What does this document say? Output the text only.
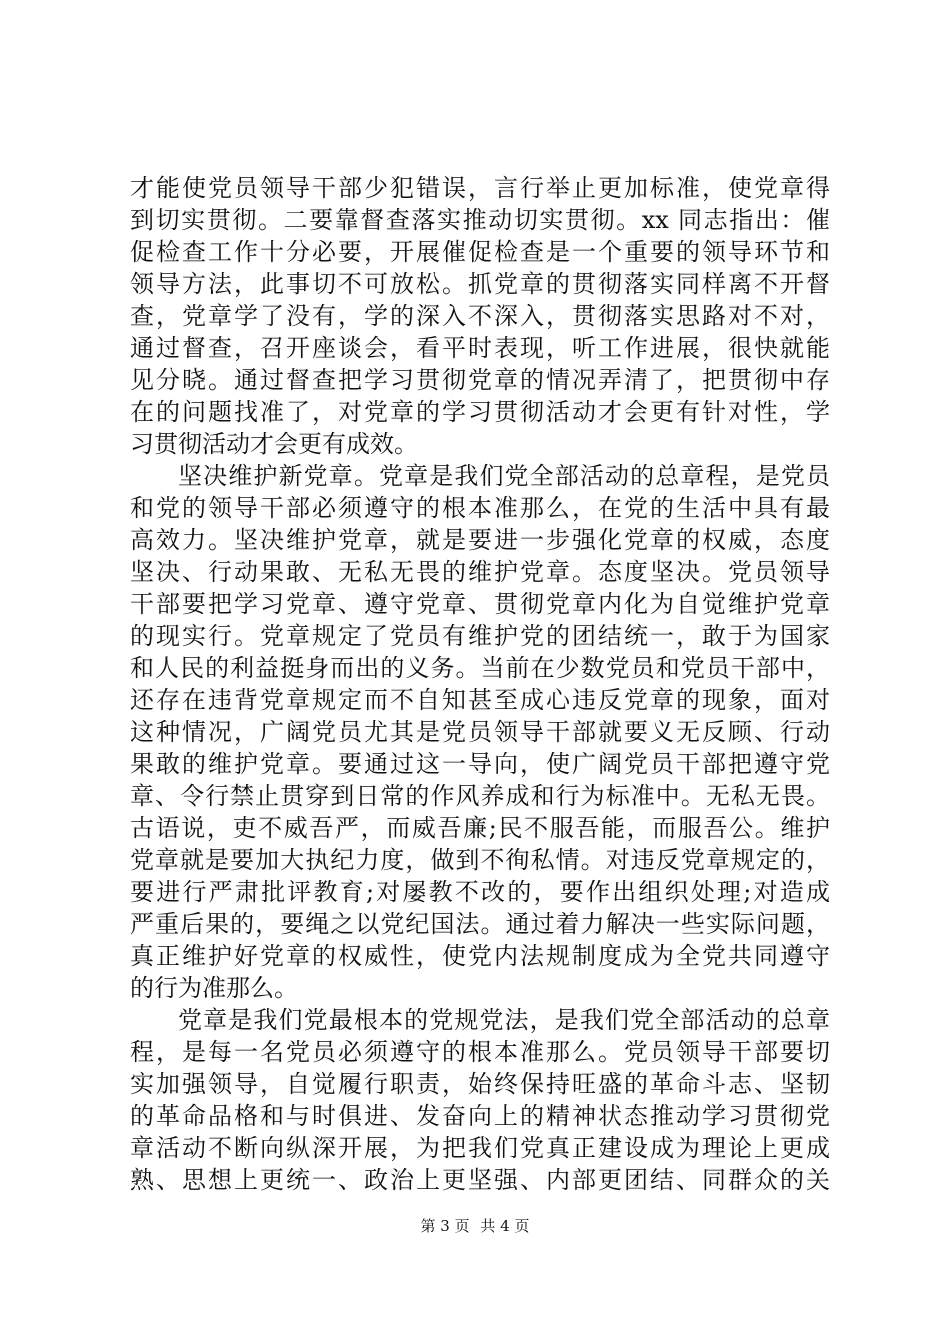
才能使党员领导干部少犯错误，言行举止更加标准，使党章得
到切实贯彻。二要靠督查落实推动切实贯彻。xx 同志指出：催
促检查工作十分必要，开展催促检查是一个重要的领导环节和
领导方法，此事切不可放松。抓党章的贯彻落实同样离不开督
查，党章学了没有，学的深入不深入，贯彻落实思路对不对，
通过督查，召开座谈会，看平时表现，听工作进展，很快就能
见分晓。通过督查把学习贯彻党章的情况弄清了，把贯彻中存
在的问题找准了，对党章的学习贯彻活动才会更有针对性，学
习贯彻活动才会更有成效。
坚决维护新党章。党章是我们党全部活动的总章程，是党员
和党的领导干部必须遵守的根本准那么，在党的生活中具有最
高效力。坚决维护党章，就是要进一步强化党章的权威，态度
坚决、行动果敢、无私无畏的维护党章。态度坚决。党员领导
干部要把学习党章、遵守党章、贯彻党章内化为自觉维护党章
的现实行。党章规定了党员有维护党的团结统一，敢于为国家
和人民的利益挺身而出的义务。当前在少数党员和党员干部中，
还存在违背党章规定而不自知甚至成心违反党章的现象，面对
这种情况，广阔党员尤其是党员领导干部就要义无反顾、行动
果敢的维护党章。要通过这一导向，使广阔党员干部把遵守党
章、令行禁止贯穿到日常的作风养成和行为标准中。无私无畏。
古语说，吏不威吾严，而威吾廉;民不服吾能，而服吾公。维护
党章就是要加大执纪力度，做到不徇私情。对违反党章规定的，
要进行严肃批评教育;对屡教不改的，要作出组织处理;对造成
严重后果的，要绳之以党纪国法。通过着力解决一些实际问题，
真正维护好党章的权威性，使党内法规制度成为全党共同遵守
的行为准那么。
党章是我们党最根本的党规党法，是我们党全部活动的总章
程，是每一名党员必须遵守的根本准那么。党员领导干部要切
实加强领导，自觉履行职责，始终保持旺盛的革命斗志、坚韧
的革命品格和与时俱进、发奋向上的精神状态推动学习贯彻党
章活动不断向纵深开展，为把我们党真正建设成为理论上更成
熟、思想上更统一、政治上更坚强、内部更团结、同群众的关
第 3 页 共 4 页
